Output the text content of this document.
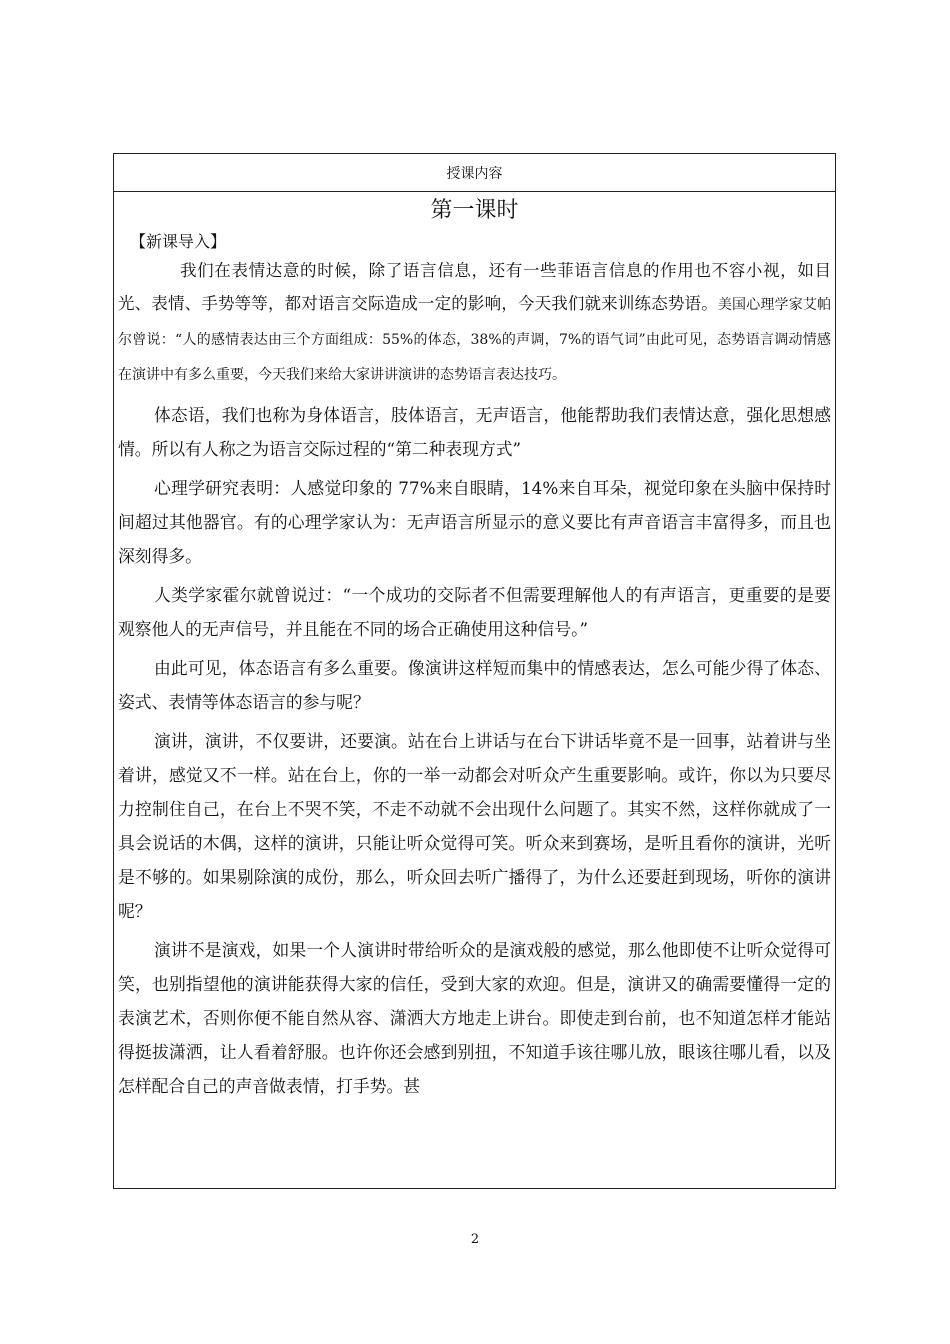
授课内容
第一课时
【新课导入】

我们在表情达意的时候，除了语言信息，还有一些菲语言信息的作用也不容小视，如目光、表情、手势等等，都对语言交际造成一定的影响，今天我们就来训练态势语。美国心理学家艾帕尔曾说：“人的感情表达由三个方面组成：55%的体态，38%的声调，7%的语气词”由此可见，态势语言调动情感在演讲中有多么重要，今天我们来给大家讲讲演讲的态势语言表达技巧。

体态语，我们也称为身体语言，肢体语言，无声语言，他能帮助我们表情达意，强化思想感情。所以有人称之为语言交际过程的“第二种表现方式”

心理学研究表明：人感觉印象的 77%来自眼睛，14%来自耳朵，视觉印象在头脑中保持时间超过其他器官。有的心理学家认为：无声语言所显示的意义要比有声音语言丰富得多，而且也深刻得多。

人类学家霍尔就曾说过：“一个成功的交际者不但需要理解他人的有声语言，更重要的是要观察他人的无声信号，并且能在不同的场合正确使用这种信号。”

由此可见，体态语言有多么重要。像演讲这样短而集中的情感表达，怎么可能少得了体态、姿式、表情等体态语言的参与呢？

演讲，演讲，不仅要讲，还要演。站在台上讲话与在台下讲话毕竟不是一回事，站着讲与坐着讲，感觉又不一样。站在台上，你的一举一动都会对听众产生重要影响。或许，你以为只要尽力控制住自己，在台上不哭不笑，不走不动就不会出现什么问题了。其实不然，这样你就成了一具会说话的木偶，这样的演讲，只能让听众觉得可笑。听众来到赛场，是听且看你的演讲，光听是不够的。如果剔除演的成份，那么，听众回去听广播得了，为什么还要赶到现场，听你的演讲呢？

演讲不是演戏，如果一个人演讲时带给听众的是演戏般的感觉，那么他即使不让听众觉得可笑，也别指望他的演讲能获得大家的信任，受到大家的欢迎。但是，演讲又的确需要懂得一定的表演艺术，否则你便不能自然从容、潇洒大方地走上讲台。即使走到台前，也不知道怎样才能站得挺拔潇洒，让人看着舒服。也许你还会感到别扭，不知道手该往哪儿放，眼该往哪儿看，以及怎样配合自己的声音做表情，打手势。甚

2
